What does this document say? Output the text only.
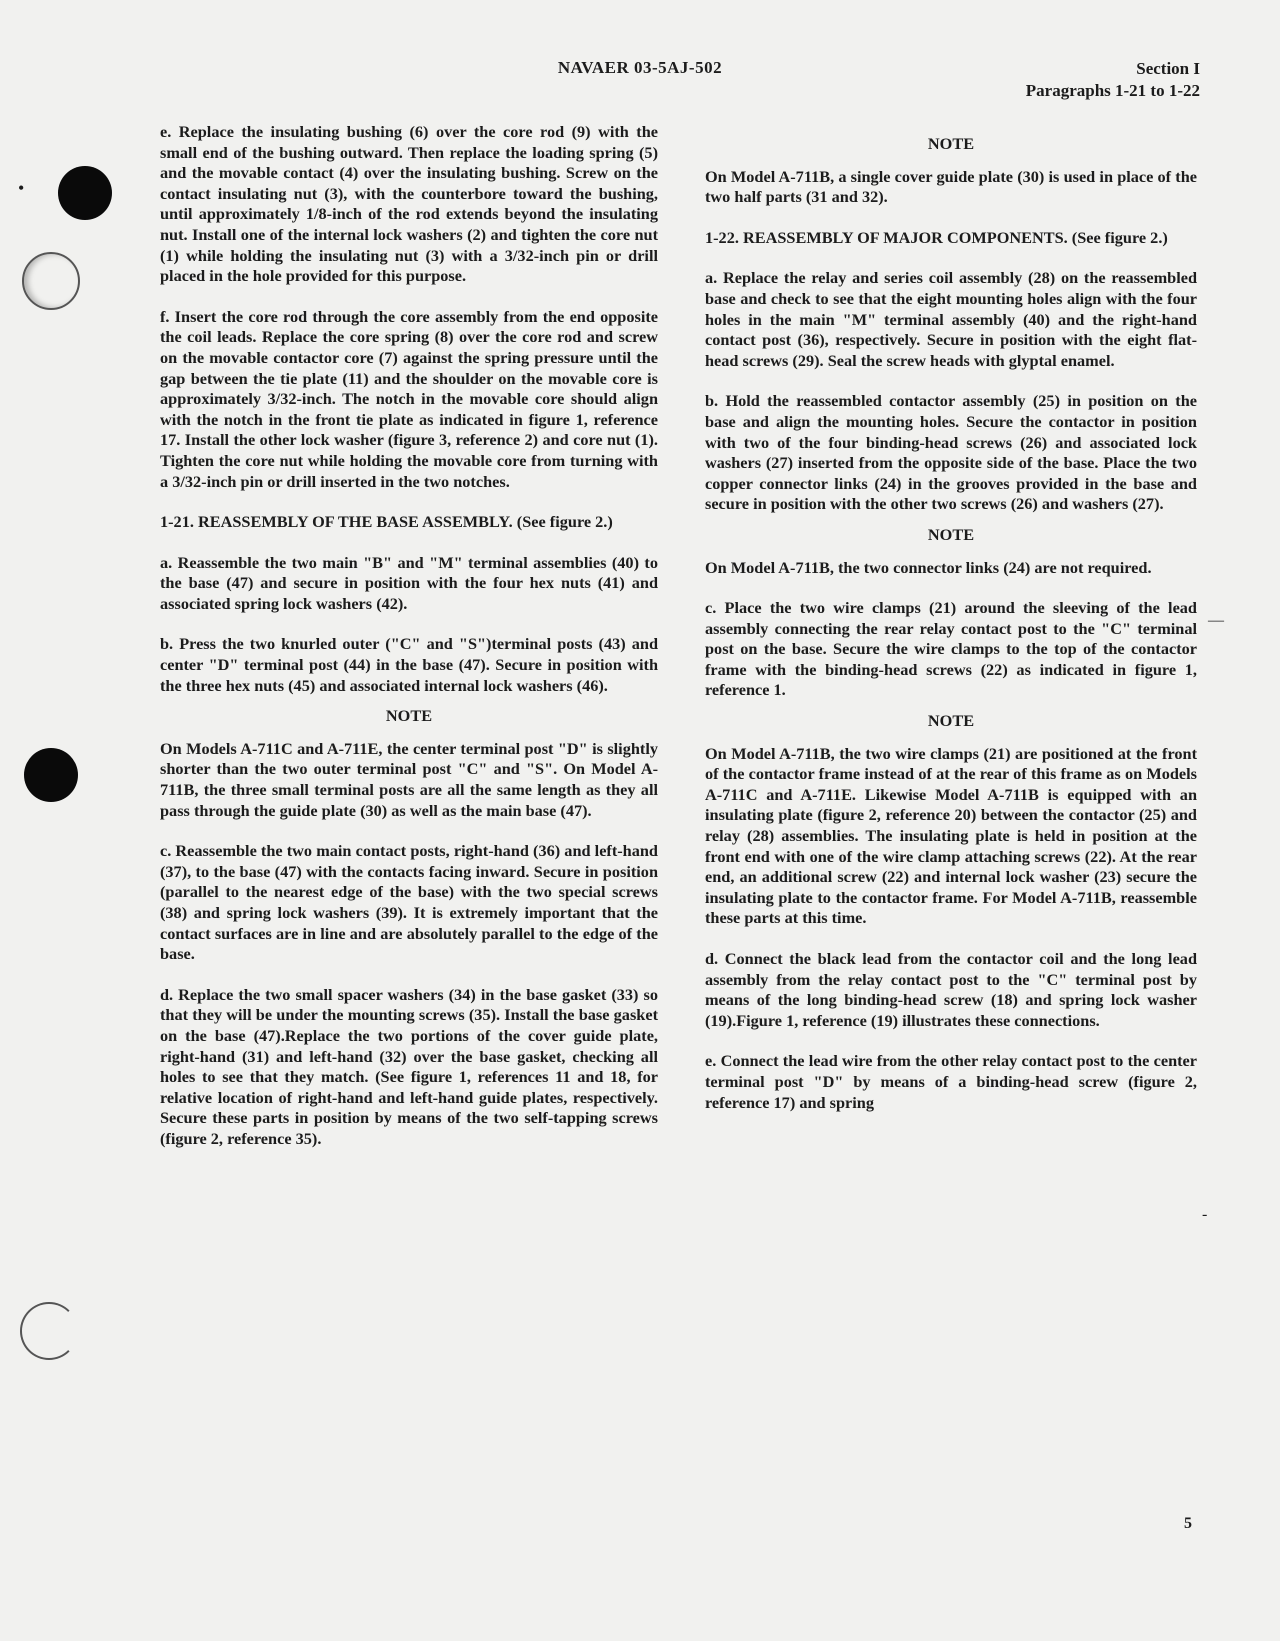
•
—
-
NAVAER 03-5AJ-502	Section I
Paragraphs 1-21 to 1-22

e. Replace the insulating bushing (6) over the core rod (9) with the small end of the bushing outward. Then replace the loading spring (5) and the movable contact (4) over the insulating bushing. Screw on the contact insulating nut (3), with the counterbore toward the bushing, until approximately 1/8-inch of the rod extends beyond the insulating nut. Install one of the internal lock washers (2) and tighten the core nut (1) while holding the insulating nut (3) with a 3/32-inch pin or drill placed in the hole provided for this purpose.

f. Insert the core rod through the core assembly from the end opposite the coil leads. Replace the core spring (8) over the core rod and screw on the movable contactor core (7) against the spring pressure until the gap between the tie plate (11) and the shoulder on the movable core is approximately 3/32-inch. The notch in the movable core should align with the notch in the front tie plate as indicated in figure 1, reference 17. Install the other lock washer (figure 3, reference 2) and core nut (1). Tighten the core nut while holding the movable core from turning with a 3/32-inch pin or drill inserted in the two notches.

1-21. REASSEMBLY OF THE BASE ASSEMBLY. (See figure 2.)

a. Reassemble the two main "B" and "M" terminal assemblies (40) to the base (47) and secure in position with the four hex nuts (41) and associated spring lock washers (42).

b. Press the two knurled outer ("C" and "S")terminal posts (43) and center "D" terminal post (44) in the base (47). Secure in position with the three hex nuts (45) and associated internal lock washers (46).

NOTE

On Models A-711C and A-711E, the center terminal post "D" is slightly shorter than the two outer terminal post "C" and "S". On Model A-711B, the three small terminal posts are all the same length as they all pass through the guide plate (30) as well as the main base (47).

c. Reassemble the two main contact posts, right-hand (36) and left-hand (37), to the base (47) with the contacts facing inward. Secure in position (parallel to the nearest edge of the base) with the two special screws (38) and spring lock washers (39). It is extremely important that the contact surfaces are in line and are absolutely parallel to the edge of the base.

d. Replace the two small spacer washers (34) in the base gasket (33) so that they will be under the mounting screws (35). Install the base gasket on the base (47).Replace the two portions of the cover guide plate, right-hand (31) and left-hand (32) over the base gasket, checking all holes to see that they match. (See figure 1, references 11 and 18, for relative location of right-hand and left-hand guide plates, respectively. Secure these parts in position by means of the two self-tapping screws (figure 2, reference 35).

NOTE

On Model A-711B, a single cover guide plate (30) is used in place of the two half parts (31 and 32).

1-22. REASSEMBLY OF MAJOR COMPONENTS. (See figure 2.)

a. Replace the relay and series coil assembly (28) on the reassembled base and check to see that the eight mounting holes align with the four holes in the main "M" terminal assembly (40) and the right-hand contact post (36), respectively. Secure in position with the eight flat-head screws (29). Seal the screw heads with glyptal enamel.

b. Hold the reassembled contactor assembly (25) in position on the base and align the mounting holes. Secure the contactor in position with two of the four binding-head screws (26) and associated lock washers (27) inserted from the opposite side of the base. Place the two copper connector links (24) in the grooves provided in the base and secure in position with the other two screws (26) and washers (27).

NOTE

On Model A-711B, the two connector links (24) are not required.

c. Place the two wire clamps (21) around the sleeving of the lead assembly connecting the rear relay contact post to the "C" terminal post on the base. Secure the wire clamps to the top of the contactor frame with the binding-head screws (22) as indicated in figure 1, reference 1.

NOTE

On Model A-711B, the two wire clamps (21) are positioned at the front of the contactor frame instead of at the rear of this frame as on Models A-711C and A-711E. Likewise Model A-711B is equipped with an insulating plate (figure 2, reference 20) between the contactor (25) and relay (28) assemblies. The insulating plate is held in position at the front end with one of the wire clamp attaching screws (22). At the rear end, an additional screw (22) and internal lock washer (23) secure the insulating plate to the contactor frame. For Model A-711B, reassemble these parts at this time.

d. Connect the black lead from the contactor coil and the long lead assembly from the relay contact post to the "C" terminal post by means of the long binding-head screw (18) and spring lock washer (19).Figure 1, reference (19) illustrates these connections.

e. Connect the lead wire from the other relay contact post to the center terminal post "D" by means of a binding-head screw (figure 2, reference 17) and spring

5
